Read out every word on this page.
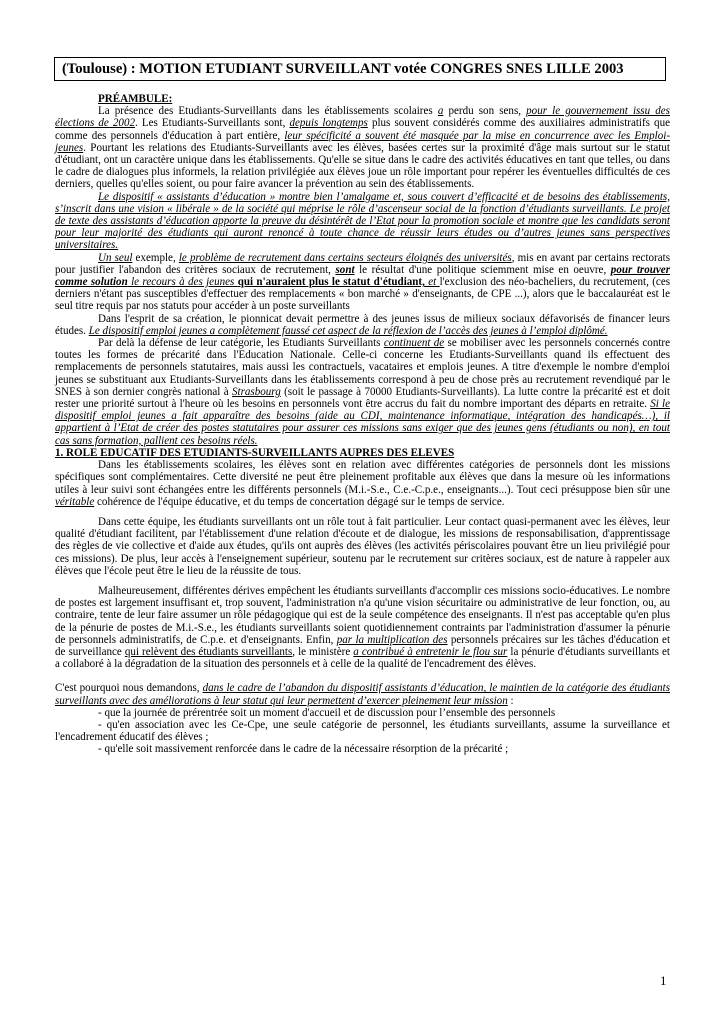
(Toulouse) : MOTION ETUDIANT SURVEILLANT votée CONGRES SNES LILLE 2003

PRÉAMBULE:

La présence des Etudiants-Surveillants dans les établissements scolaires a perdu son sens, pour le gouvernement issu des élections de 2002. Les Etudiants-Surveillants sont, depuis longtemps plus souvent considérés comme des auxiliaires administratifs que comme des personnels d'éducation à part entière, leur spécificité a souvent été masquée par la mise en concurrence avec les Emploi-jeunes. Pourtant les relations des Etudiants-Surveillants avec les élèves, basées certes sur la proximité d'âge mais surtout sur le statut d'étudiant, ont un caractère unique dans les établissements. Qu'elle se situe dans le cadre des activités éducatives en tant que telles, ou dans le cadre de dialogues plus informels, la relation privilégiée aux élèves joue un rôle important pour repérer les éventuelles difficultés de ces derniers, quelles qu'elles soient, ou pour faire avancer la prévention au sein des établissements.

Le dispositif « assistants d’éducation » montre bien l’amalgame et, sous couvert d’efficacité et de besoins des établissements, s’inscrit dans une vision « libérale » de la société qui méprise le rôle d’ascenseur social de la fonction d’étudiants surveillants. Le projet de texte des assistants d’éducation apporte la preuve du désintérêt de l’Etat pour la promotion sociale et montre que les candidats seront pour leur majorité des étudiants qui auront renoncé à toute chance de réussir leurs études ou d’autres jeunes sans perspectives universitaires.

Un seul exemple, le problème de recrutement dans certains secteurs éloignés des universités, mis en avant par certains rectorats pour justifier l'abandon des critères sociaux de recrutement, sont le résultat d'une politique sciemment mise en oeuvre, pour trouver comme solution le recours à des jeunes qui n'auraient plus le statut d'étudiant, et l'exclusion des néo-bacheliers, du recrutement, (ces derniers n'étant pas susceptibles d'effectuer des remplacements « bon marché » d'enseignants, de CPE ...), alors que le baccalauréat est le seul titre requis par nos statuts pour accéder à un poste surveillants

Dans l'esprit de sa création, le pionnicat devait permettre à des jeunes issus de milieux sociaux défavorisés de financer leurs études. Le dispositif emploi jeunes a complètement faussé cet aspect de la réflexion de l’accès des jeunes à l’emploi diplômé.

Par delà la défense de leur catégorie, les Etudiants Surveillants continuent de se mobiliser avec les personnels concernés contre toutes les formes de précarité dans l'Education Nationale. Celle-ci concerne les Etudiants-Surveillants quand ils effectuent des remplacements de personnels statutaires, mais aussi les contractuels, vacataires et emplois jeunes. A titre d'exemple le nombre d'emploi jeunes se substituant aux Etudiants-Surveillants dans les établissements correspond à peu de chose près au recrutement revendiqué par le SNES à son dernier congrès national à Strasbourg (soit le passage à 70000 Etudiants-Surveillants). La lutte contre la précarité est et doit rester une priorité surtout à l'heure où les besoins en personnels vont être accrus du fait du nombre important des départs en retraite. Si le dispositif emploi jeunes a fait apparaître des besoins (aide au CDI, maintenance informatique, intégration des handicapés…), il appartient à l’Etat de créer des postes statutaires pour assurer ces missions sans exiger que des jeunes gens (étudiants ou non), en tout cas sans formation, pallient ces besoins réels.

1. ROLE EDUCATIF DES ETUDIANTS-SURVEILLANTS AUPRES DES ELEVES

Dans les établissements scolaires, les élèves sont en relation avec différentes catégories de personnels dont les missions spécifiques sont complémentaires. Cette diversité ne peut être pleinement profitable aux élèves que dans la mesure où les informations utiles à leur suivi sont échangées entre les différents personnels (M.i.-S.e., C.e.-C.p.e., enseignants...). Tout ceci présuppose bien sûr une véritable cohérence de l'équipe éducative, et du temps de concertation dégagé sur le temps de service.

Dans cette équipe, les étudiants surveillants ont un rôle tout à fait particulier. Leur contact quasi-permanent avec les élèves, leur qualité d'étudiant facilitent, par l'établissement d'une relation d'écoute et de dialogue, les missions de responsabilisation, d'apprentissage des règles de vie collective et d'aide aux études, qu'ils ont auprès des élèves (les activités périscolaires pouvant être un lieu privilégié pour ces missions). De plus, leur accès à l'enseignement supérieur, soutenu par le recrutement sur critères sociaux, est de nature à rappeler aux élèves que l'école peut être le lieu de la réussite de tous.

Malheureusement, différentes dérives empêchent les étudiants surveillants d'accomplir ces missions socio-éducatives. Le nombre de postes est largement insuffisant et, trop souvent, l'administration n'a qu'une vision sécuritaire ou administrative de leur fonction, ou, au contraire, tente de leur faire assumer un rôle pédagogique qui est de la seule compétence des enseignants. Il n'est pas acceptable qu'en plus de la pénurie de postes de M.i.-S.e., les étudiants surveillants soient quotidiennement contraints par l'administration d'assumer la pénurie de personnels administratifs, de C.p.e. et d'enseignants. Enfin, par la multiplication des personnels précaires sur les tâches d'éducation et de surveillance qui relèvent des étudiants surveillants, le ministère a contribué à entretenir le flou sur la pénurie d'étudiants surveillants et a collaboré à la dégradation de la situation des personnels et à celle de la qualité de l'encadrement des élèves.

C'est pourquoi nous demandons, dans le cadre de l’abandon du dispositif assistants d’éducation, le maintien de la catégorie des étudiants surveillants avec des améliorations à leur statut qui leur permettent d’exercer pleinement leur mission :

- que la journée de prérentrée soit un moment d'accueil et de discussion pour l’ensemble des personnels

- qu'en association avec les Ce-Cpe, une seule catégorie de personnel, les étudiants surveillants, assume la surveillance et l'encadrement éducatif des élèves ;

- qu'elle soit massivement renforcée dans le cadre de la nécessaire résorption de la précarité ;

1
